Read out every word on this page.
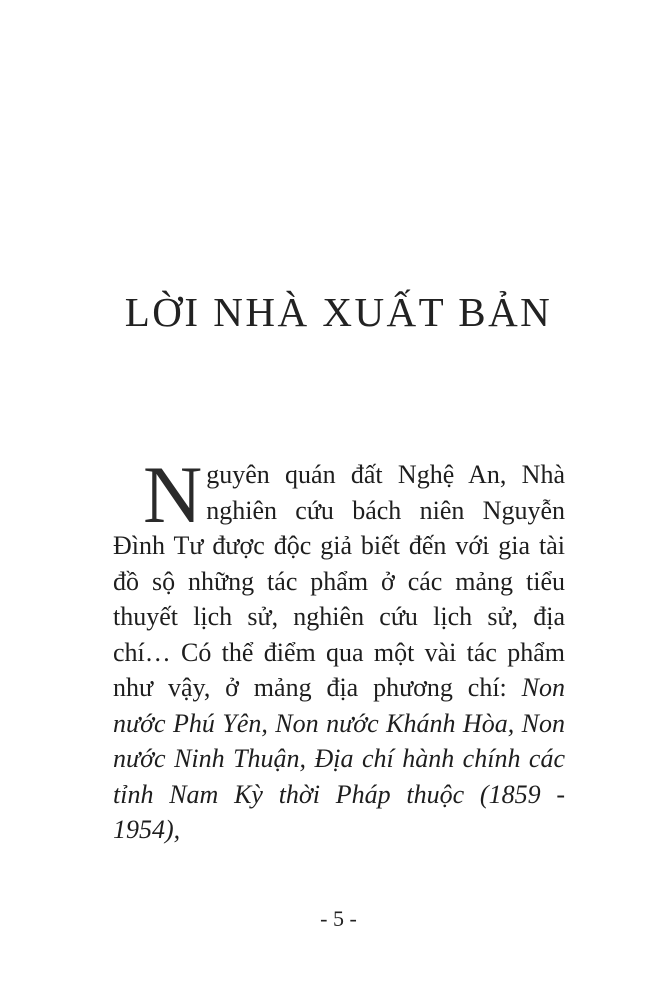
LỜI NHÀ XUẤT BẢN

Nguyên quán đất Nghệ An, Nhà nghiên cứu bách niên Nguyễn Đình Tư được độc giả biết đến với gia tài đồ sộ những tác phẩm ở các mảng tiểu thuyết lịch sử, nghiên cứu lịch sử, địa chí… Có thể điểm qua một vài tác phẩm như vậy, ở mảng địa phương chí: Non nước Phú Yên, Non nước Khánh Hòa, Non nước Ninh Thuận, Địa chí hành chính các tỉnh Nam Kỳ thời Pháp thuộc (1859 - 1954),

- 5 -
